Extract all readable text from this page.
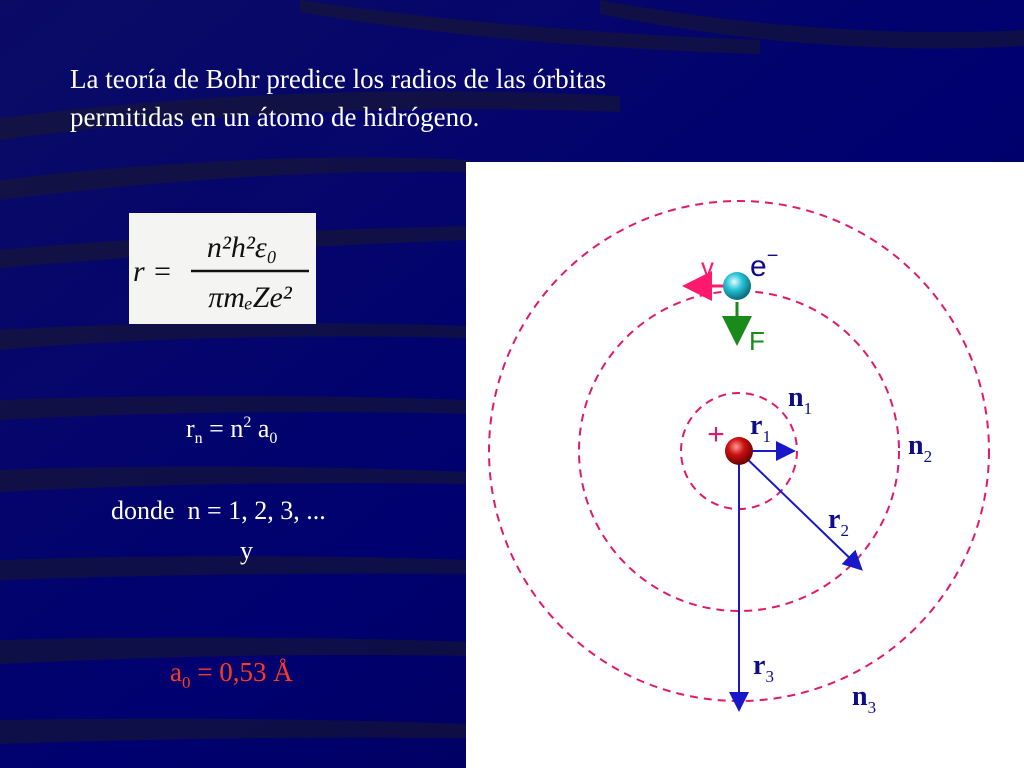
La teoría de Bohr predice los radios de las órbitas
permitidas en un átomo de hidrógeno.

r =
n²h²ε₀
πmₑZe²
$r_n = n^2$ $a_0$
donde  n = 1, 2, 3, ...
y
$a_0 = 0,53$ Å
+
v e−
F
$n_1$
$n_2$
$n_3$
$r_1$
$r_2$
$r_3$
